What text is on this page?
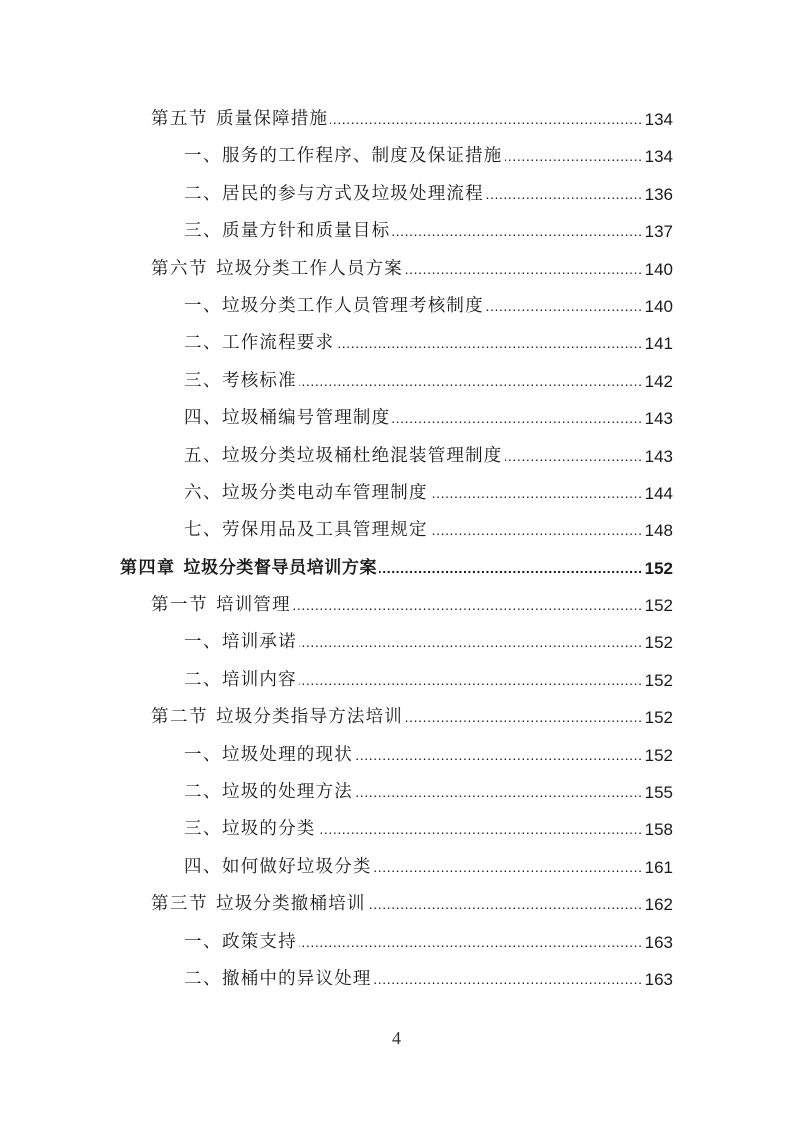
第五节 质量保障措施 .....	134
一、服务的工作程序、制度及保证措施 .....	134
二、居民的参与方式及垃圾处理流程 .....	136
三、质量方针和质量目标 .....	137
第六节 垃圾分类工作人员方案 .....	140
一、垃圾分类工作人员管理考核制度 .....	140
二、工作流程要求 .....	141
三、考核标准 .....	142
四、垃圾桶编号管理制度 .....	143
五、垃圾分类垃圾桶杜绝混装管理制度 .....	143
六、垃圾分类电动车管理制度 .....	144
七、劳保用品及工具管理规定 .....	148
第四章 垃圾分类督导员培训方案 .....	152
第一节 培训管理 .....	152
一、培训承诺 .....	152
二、培训内容 .....	152
第二节 垃圾分类指导方法培训 .....	152
一、垃圾处理的现状 .....	152
二、垃圾的处理方法 .....	155
三、垃圾的分类 .....	158
四、如何做好垃圾分类 .....	161
第三节 垃圾分类撤桶培训 .....	162
一、政策支持 .....	163
二、撤桶中的异议处理 .....	163
4
